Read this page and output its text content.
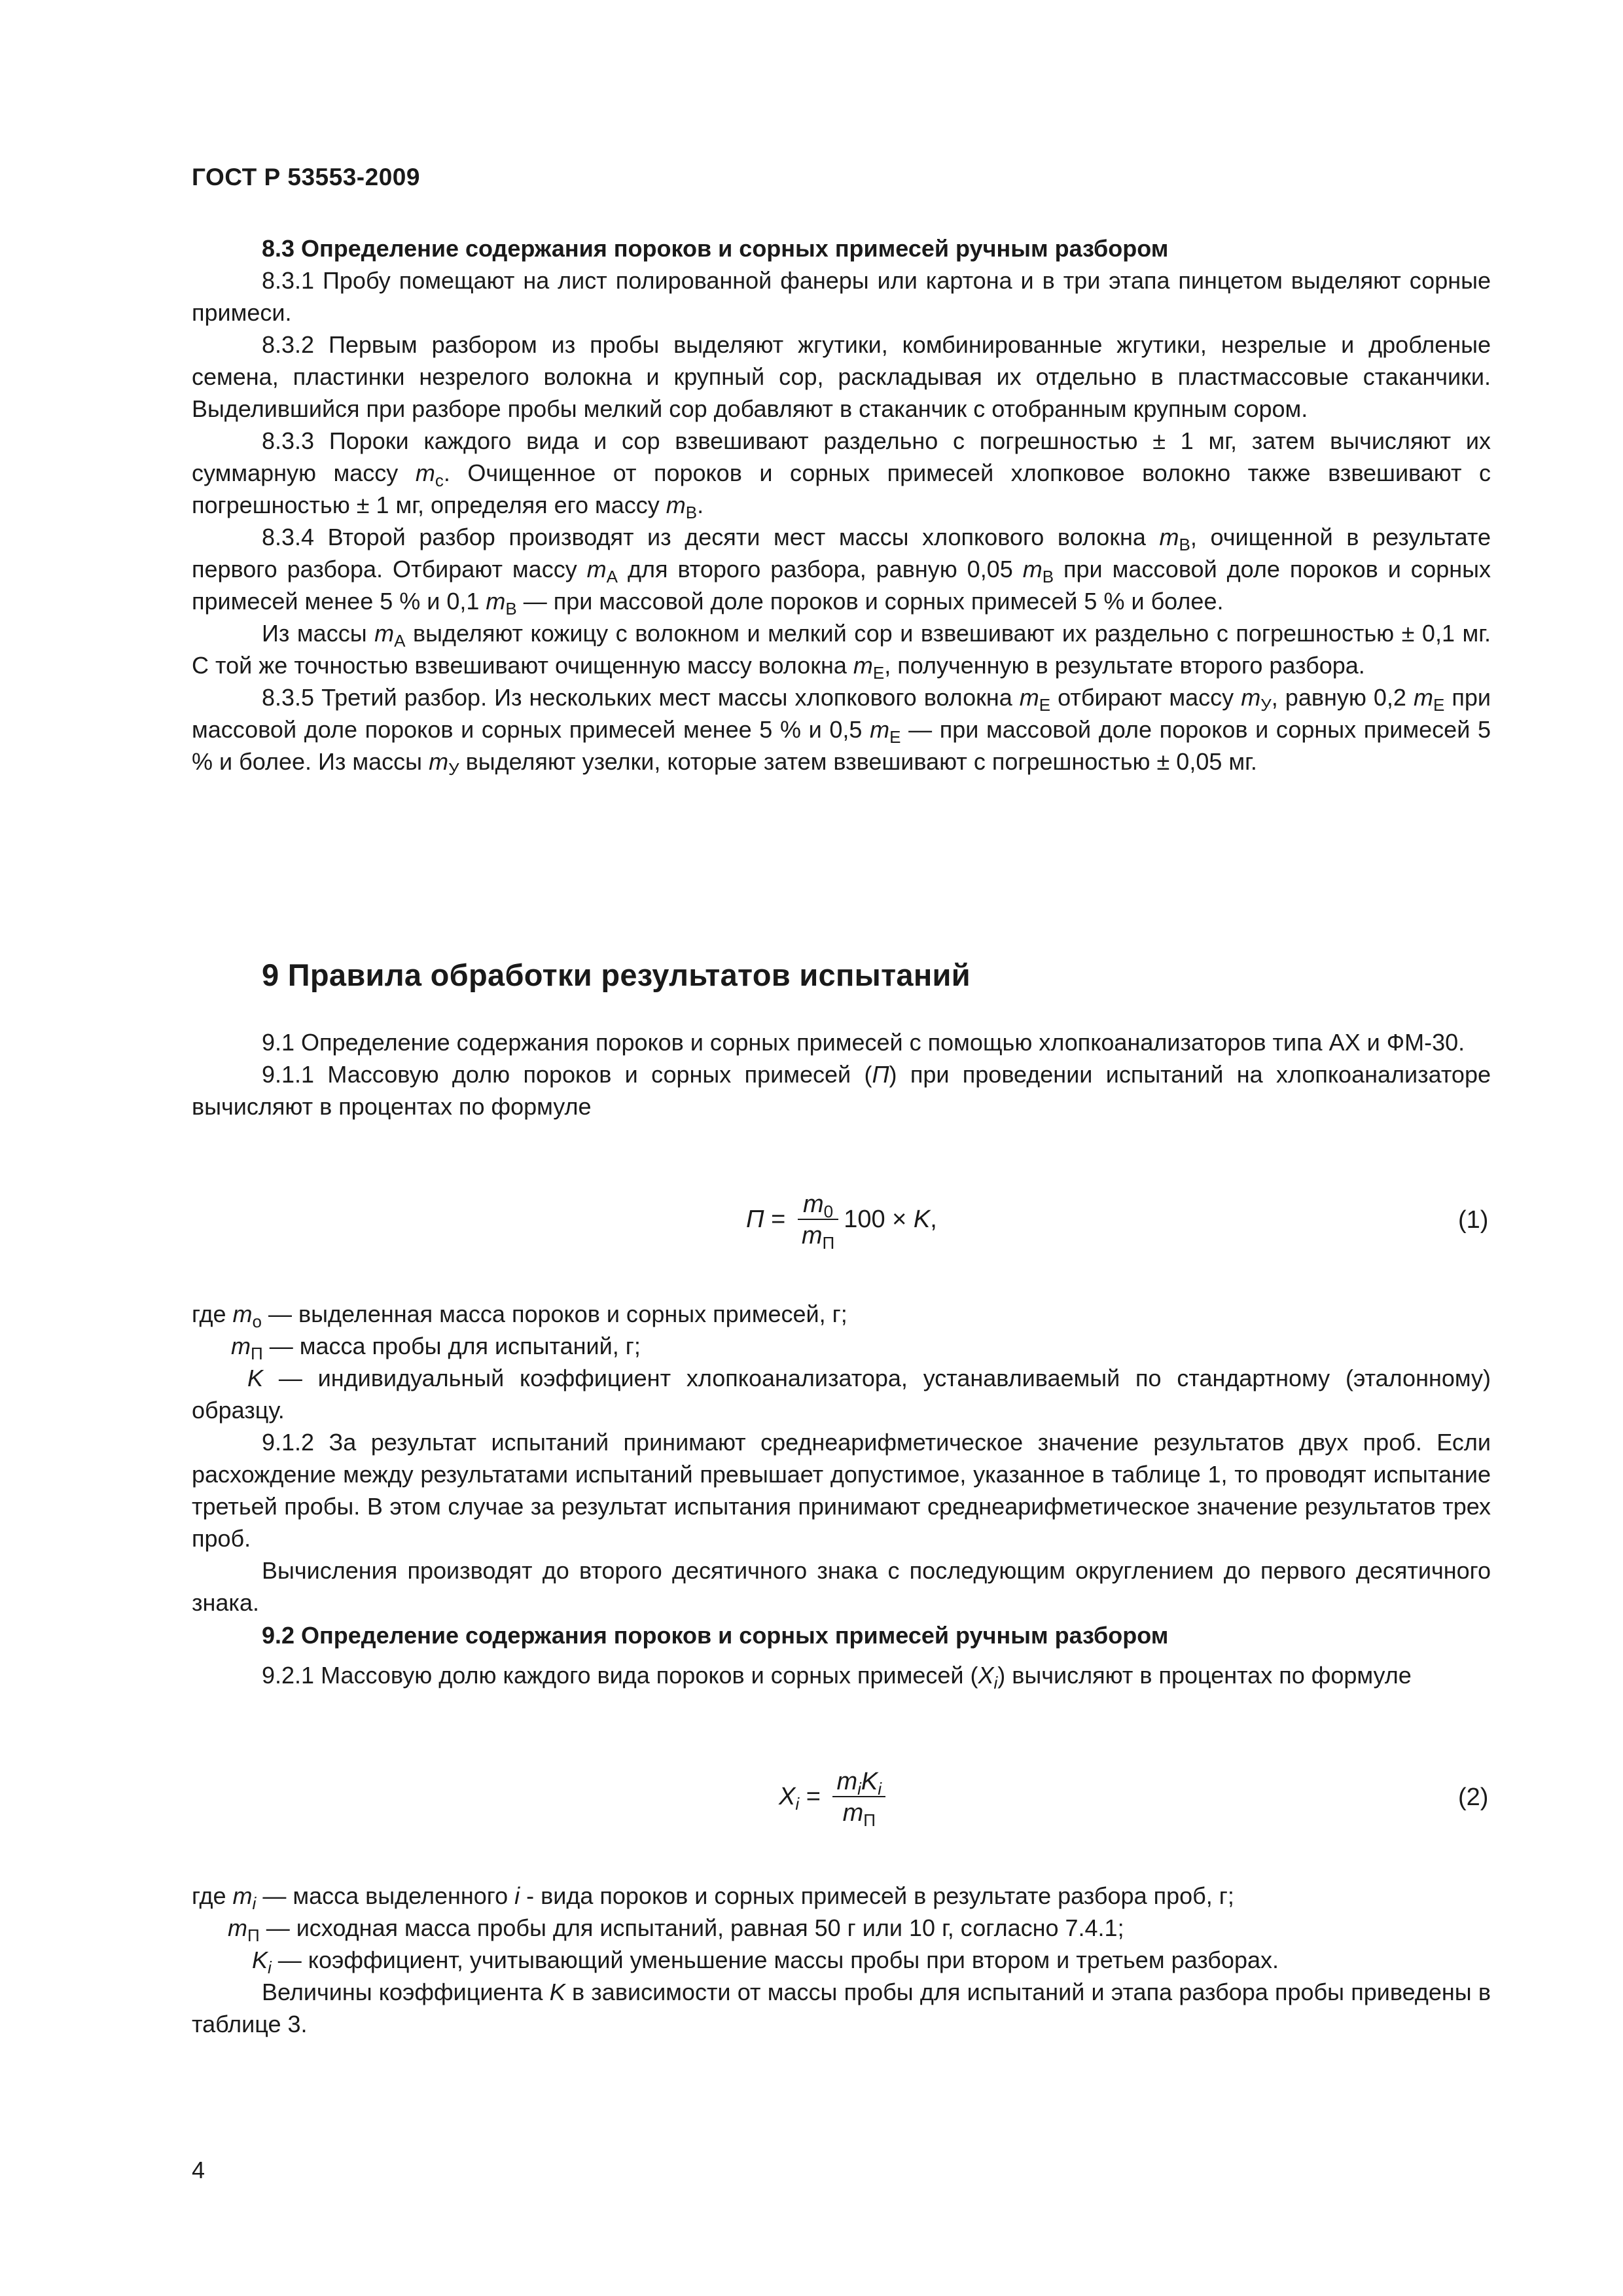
ГОСТ Р 53553-2009

8.3 Определение содержания пороков и сорных примесей ручным разбором

8.3.1 Пробу помещают на лист полированной фанеры или картона и в три этапа пинцетом выделяют сорные примеси.

8.3.2 Первым разбором из пробы выделяют жгутики, комбинированные жгутики, незрелые и дробленые семена, пластинки незрелого волокна и крупный сор, раскладывая их отдельно в пластмассовые стаканчики. Выделившийся при разборе пробы мелкий сор добавляют в стаканчик с отобранным крупным сором.

8.3.3 Пороки каждого вида и сор взвешивают раздельно с погрешностью ± 1 мг, затем вычисляют их суммарную массу $m_с$. Очищенное от пороков и сорных примесей хлопковое волокно также взвешивают с погрешностью ± 1 мг, определяя его массу $m_В$.

8.3.4 Второй разбор производят из десяти мест массы хлопкового волокна $m_В$, очищенной в результате первого разбора. Отбирают массу $m_А$ для второго разбора, равную 0,05 $m_В$ при массовой доле пороков и сорных примесей менее 5 % и 0,1 $m_В$ — при массовой доле пороков и сорных примесей 5 % и более.

Из массы $m_А$ выделяют кожицу с волокном и мелкий сор и взвешивают их раздельно с погрешностью ± 0,1 мг. С той же точностью взвешивают очищенную массу волокна $m_Е$, полученную в результате второго разбора.

8.3.5 Третий разбор. Из нескольких мест массы хлопкового волокна $m_Е$ отбирают массу $m_У$, равную 0,2 $m_Е$ при массовой доле пороков и сорных примесей менее 5 % и 0,5 $m_Е$ — при массовой доле пороков и сорных примесей 5 % и более. Из массы $m_У$ выделяют узелки, которые затем взвешивают с погрешностью ± 0,05 мг.

9 Правила обработки результатов испытаний

9.1 Определение содержания пороков и сорных примесей с помощью хлопкоанализаторов типа АХ и ФМ-30.

9.1.1 Массовую долю пороков и сорных примесей (П) при проведении испытаний на хлопкоанализаторе вычисляют в процентах по формуле

$П = \frac{m_0}{m_П} 100 \times K$,	(1)

где $m_о$ — выделенная масса пороков и сорных примесей, г;

$m_П$ — масса пробы для испытаний, г;

K — индивидуальный коэффициент хлопкоанализатора, устанавливаемый по стандартному (эталонному) образцу.

9.1.2 За результат испытаний принимают среднеарифметическое значение результатов двух проб. Если расхождение между результатами испытаний превышает допустимое, указанное в таблице 1, то проводят испытание третьей пробы. В этом случае за результат испытания принимают среднеарифметическое значение результатов трех проб.

Вычисления производят до второго десятичного знака с последующим округлением до первого десятичного знака.

9.2 Определение содержания пороков и сорных примесей ручным разбором

9.2.1 Массовую долю каждого вида пороков и сорных примесей $(X_i)$ вычисляют в процентах по формуле

$X_i = \frac{m_iK_i}{m_П}$	(2)

где $m_i$ — масса выделенного i - вида пороков и сорных примесей в результате разбора проб, г;

$m_П$ — исходная масса пробы для испытаний, равная 50 г или 10 г, согласно 7.4.1;

$K_i$ — коэффициент, учитывающий уменьшение массы пробы при втором и третьем разборах.

Величины коэффициента K в зависимости от массы пробы для испытаний и этапа разбора пробы приведены в таблице 3.

4
